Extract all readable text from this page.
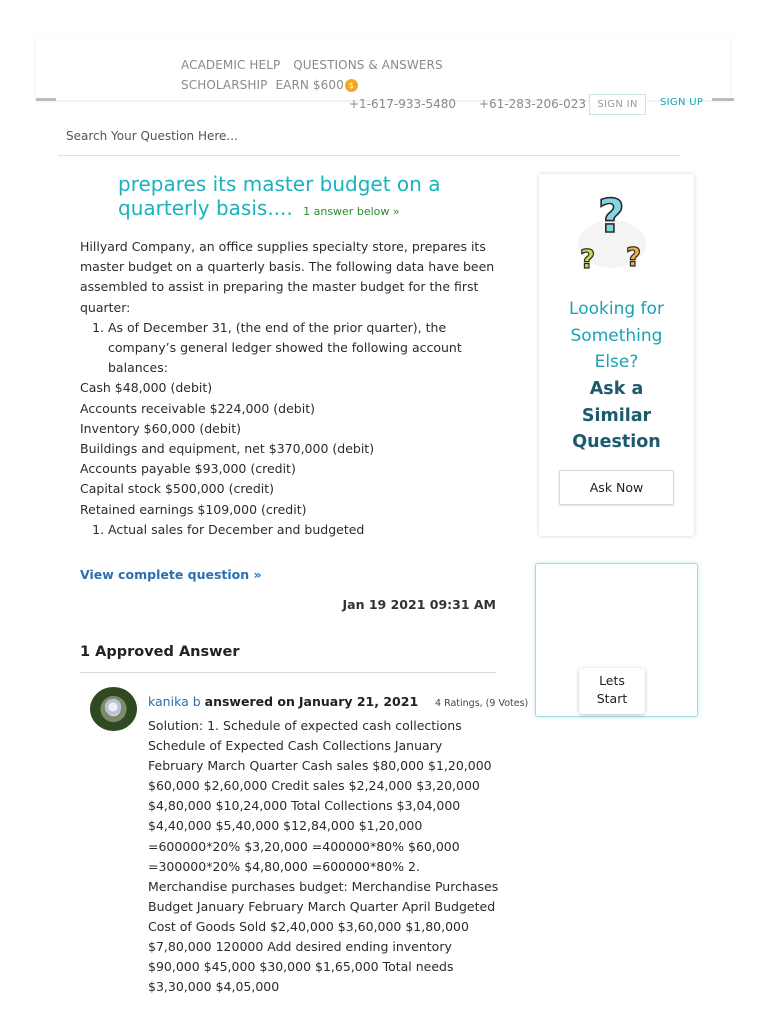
ACADEMIC HELP QUESTIONS & ANSWERS
SCHOLARSHIP EARN $600 $
+1-617-933-5480 +61-283-206-023	SIGN IN	SIGN UP
Search Your Question Here...
prepares its master budget on a quarterly basis.... 1 answer below »

Hillyard Company, an office supplies specialty store, prepares its master budget on a quarterly basis. The following data have been assembled to assist in preparing the master budget for the first quarter:

1. As of December 31, (the end of the prior quarter), the company’s general ledger showed the following account balances:
Cash $48,000 (debit)
Accounts receivable $224,000 (debit)
Inventory $60,000 (debit)
Buildings and equipment, net $370,000 (debit)
Accounts payable $93,000 (credit)
Capital stock $500,000 (credit)
Retained earnings $109,000 (credit)
1. Actual sales for December and budgeted
View complete question »
Jan 19 2021 09:31 AM
1 Approved Answer
kanika b answered on January 21, 2021 4 Ratings, (9 Votes)
Solution: 1. Schedule of expected cash collections Schedule of Expected Cash Collections January February March Quarter Cash sales $80,000 $1,20,000 $60,000 $2,60,000 Credit sales $2,24,000 $3,20,000 $4,80,000 $10,24,000 Total Collections $3,04,000 $4,40,000 $5,40,000 $12,84,000 $1,20,000 =600000*20% $3,20,000 =400000*80% $60,000 =300000*20% $4,80,000 =600000*80% 2. Merchandise purchases budget: Merchandise Purchases Budget January February March Quarter April Budgeted Cost of Goods Sold $2,40,000 $3,60,000 $1,80,000 $7,80,000 120000 Add desired ending inventory $90,000 $45,000 $30,000 $1,65,000 Total needs $3,30,000 $4,05,000
?
? ?
Looking for
Something
Else?
Ask a
Similar
Question
Ask Now
Lets
Start
